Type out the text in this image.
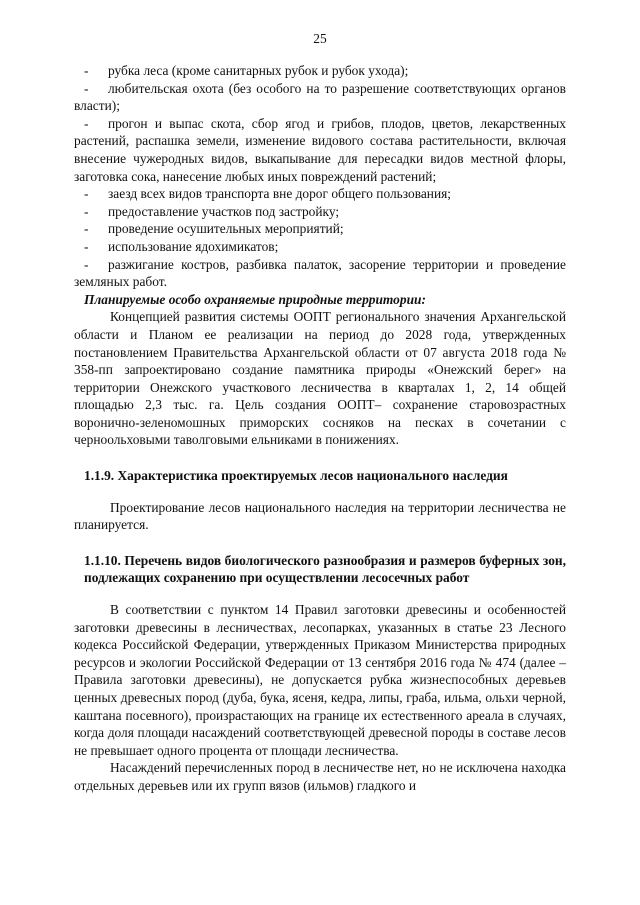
25

- рубка леса (кроме санитарных рубок и рубок ухода);

- любительская охота (без особого на то разрешение соответствующих органов власти);

- прогон и выпас скота, сбор ягод и грибов, плодов, цветов, лекарственных растений, распашка земели, изменение видового состава растительности, включая внесение чужеродных видов, выкапывание для пересадки видов местной флоры, заготовка сока, нанесение любых иных повреждений растений;

- заезд всех видов транспорта вне дорог общего пользования;

- предоставление участков под застройку;

- проведение осушительных мероприятий;

- использование ядохимикатов;

- разжигание костров, разбивка палаток, засорение территории и проведение земляных работ.

Планируемые особо охраняемые природные территории:

Концепцией развития системы ООПТ регионального значения Архангельской области и Планом ее реализации на период до 2028 года, утвержденных постановлением Правительства Архангельской области от 07 августа 2018 года № 358-пп запроектировано создание памятника природы «Онежский берег» на территории Онежского участкового лесничества в кварталах 1, 2, 14 общей площадью 2,3 тыс. га. Цель создания ООПТ– сохранение старовозрастных воронично-зеленомошных приморских сосняков на песках в сочетании с черноольховыми таволговыми ельниками в понижениях.

1.1.9. Характеристика проектируемых лесов национального наследия

Проектирование лесов национального наследия на территории лесничества не планируется.

1.1.10. Перечень видов биологического разнообразия и размеров буферных зон, подлежащих сохранению при осуществлении лесосечных работ

В соответствии с пунктом 14 Правил заготовки древесины и особенностей заготовки древесины в лесничествах, лесопарках, указанных в статье 23 Лесного кодекса Российской Федерации, утвержденных Приказом Министерства природных ресурсов и экологии Российской Федерации от 13 сентября 2016 года № 474 (далее – Правила заготовки древесины), не допускается рубка жизнеспособных деревьев ценных древесных пород (дуба, бука, ясеня, кедра, липы, граба, ильма, ольхи черной, каштана посевного), произрастающих на границе их естественного ареала в случаях, когда доля площади насаждений соответствующей древесной породы в составе лесов не превышает одного процента от площади лесничества.

Насаждений перечисленных пород в лесничестве нет, но не исключена находка отдельных деревьев или их групп вязов (ильмов) гладкого и
